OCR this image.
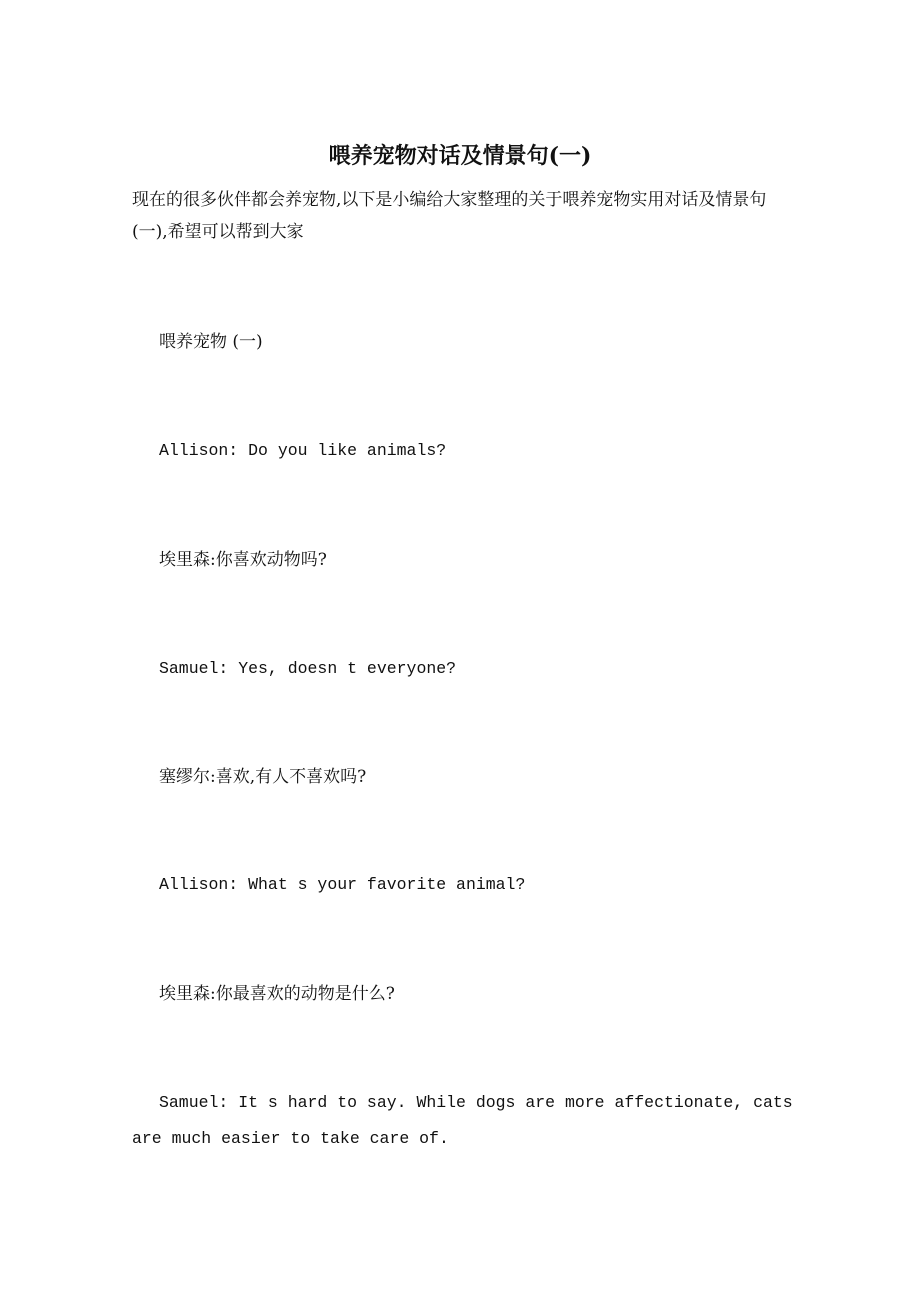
喂养宠物对话及情景句(一)
现在的很多伙伴都会养宠物,以下是小编给大家整理的关于喂养宠物实用对话及情景句(一),希望可以帮到大家
喂养宠物 (一)
Allison: Do you like animals?
埃里森:你喜欢动物吗?
Samuel: Yes, doesn t everyone?
塞缪尔:喜欢,有人不喜欢吗?
Allison: What s your favorite animal?
埃里森:你最喜欢的动物是什么?
Samuel: It s hard to say. While dogs are more affectionate, cats are much easier to take care of.
